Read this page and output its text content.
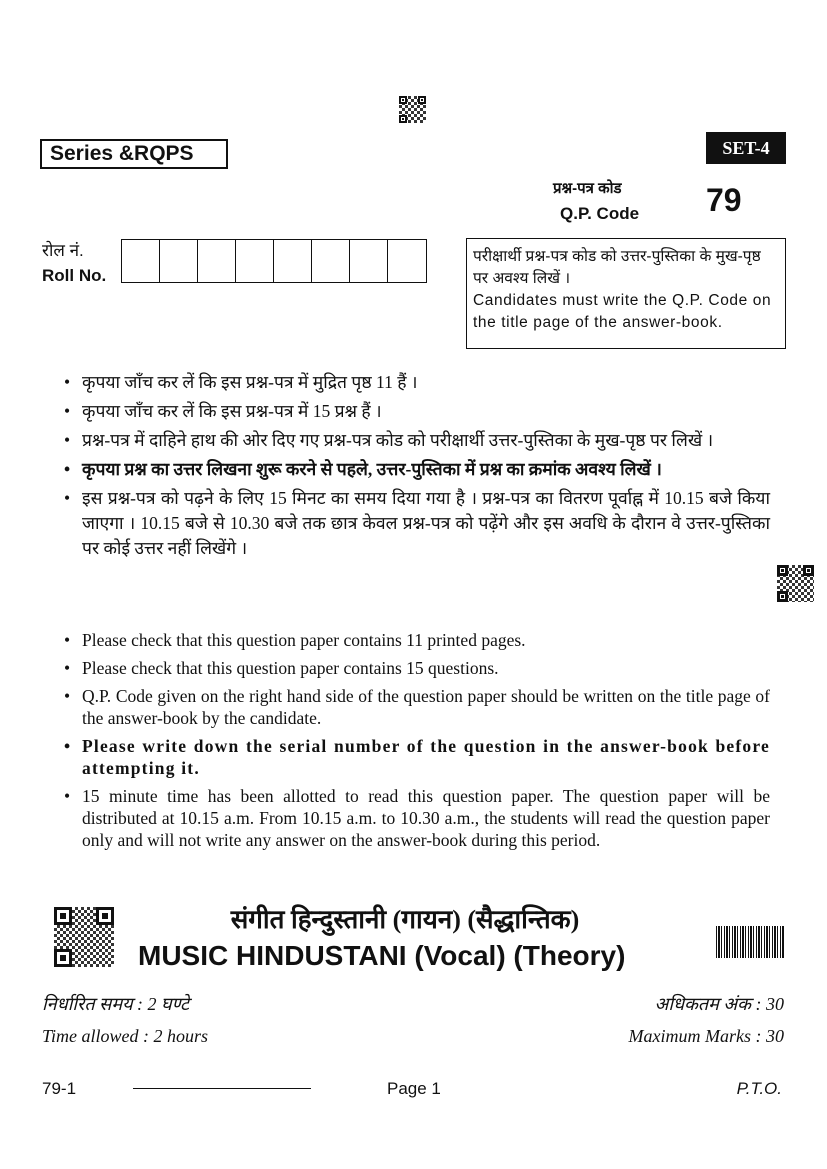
Series &RQPS	SET-4
प्रश्न-पत्र कोड
Q.P. Code 79
रोल नं.
Roll No.
परीक्षार्थी प्रश्न-पत्र कोड को उत्तर-पुस्तिका के मुख-पृष्ठ पर अवश्य लिखें ।
Candidates must write the Q.P. Code on the title page of the answer-book.
• कृपया जाँच कर लें कि इस प्रश्न-पत्र में मुद्रित पृष्ठ 11 हैं ।
• कृपया जाँच कर लें कि इस प्रश्न-पत्र में 15 प्रश्न हैं ।
• प्रश्न-पत्र में दाहिने हाथ की ओर दिए गए प्रश्न-पत्र कोड को परीक्षार्थी उत्तर-पुस्तिका के मुख-पृष्ठ पर लिखें ।
• कृपया प्रश्न का उत्तर लिखना शुरू करने से पहले, उत्तर-पुस्तिका में प्रश्न का क्रमांक अवश्य लिखें ।
• इस प्रश्न-पत्र को पढ़ने के लिए 15 मिनट का समय दिया गया है । प्रश्न-पत्र का वितरण पूर्वाह्न में 10.15 बजे किया जाएगा । 10.15 बजे से 10.30 बजे तक छात्र केवल प्रश्न-पत्र को पढ़ेंगे और इस अवधि के दौरान वे उत्तर-पुस्तिका पर कोई उत्तर नहीं लिखेंगे ।
• Please check that this question paper contains 11 printed pages.
• Please check that this question paper contains 15 questions.
• Q.P. Code given on the right hand side of the question paper should be written on the title page of the answer-book by the candidate.
• Please write down the serial number of the question in the answer-book before attempting it.
• 15 minute time has been allotted to read this question paper. The question paper will be distributed at 10.15 a.m. From 10.15 a.m. to 10.30 a.m., the students will read the question paper only and will not write any answer on the answer-book during this period.
संगीत हिन्दुस्तानी (गायन) (सैद्धान्तिक)
MUSIC HINDUSTANI (Vocal) (Theory)
निर्धारित समय : 2 घण्टे	अधिकतम अंक : 30
Time allowed : 2 hours	Maximum Marks : 30
79-1	Page 1	P.T.O.
